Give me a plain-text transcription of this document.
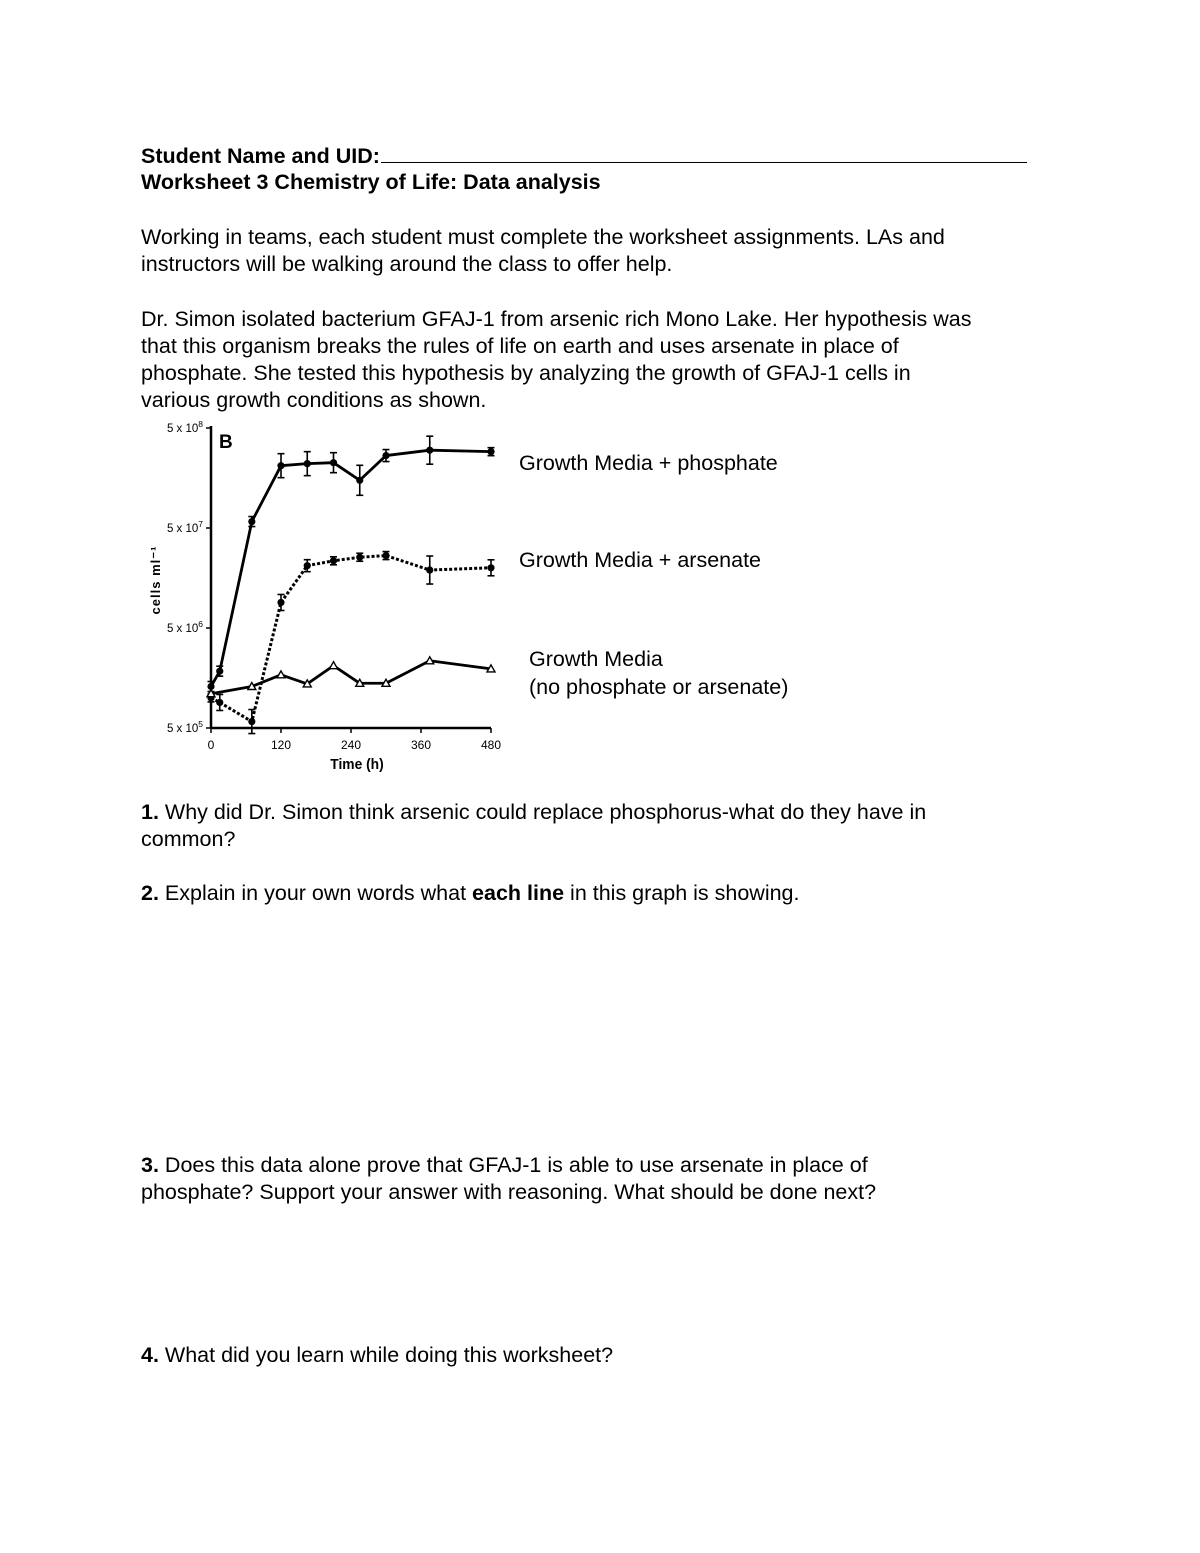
Student Name and UID:
Worksheet 3 Chemistry of Life: Data analysis
Working in teams, each student must complete the worksheet assignments. LAs and
instructors will be walking around the class to offer help.
Dr. Simon isolated bacterium GFAJ-1 from arsenic rich Mono Lake. Her hypothesis was
that this organism breaks the rules of life on earth and uses arsenate in place of
phosphate. She tested this hypothesis by analyzing the growth of GFAJ-1 cells in
various growth conditions as shown.
0	120	240	360	480
5 x $10^5$
5 x $10^6$
5 x $10^7$
5 x $10^8$
B
Time (h)
cells ml⁻¹
Growth Media + phosphate
Growth Media + arsenate
Growth Media
(no phosphate or arsenate)
1. Why did Dr. Simon think arsenic could replace phosphorus-what do they have in
common?
2. Explain in your own words what each line in this graph is showing.
3. Does this data alone prove that GFAJ-1 is able to use arsenate in place of
phosphate? Support your answer with reasoning. What should be done next?
4. What did you learn while doing this worksheet?
